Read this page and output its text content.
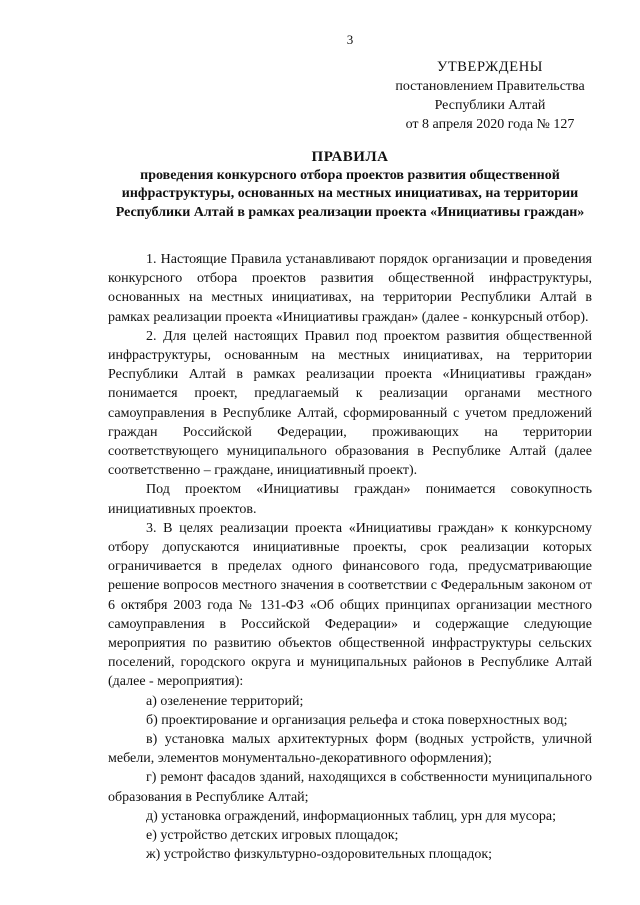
3
УТВЕРЖДЕНЫ
постановлением Правительства
Республики Алтай
от 8 апреля 2020 года № 127
ПРАВИЛА
проведения конкурсного отбора проектов развития общественной инфраструктуры, основанных на местных инициативах, на территории Республики Алтай в рамках реализации проекта «Инициативы граждан»

1. Настоящие Правила устанавливают порядок организации и проведения конкурсного отбора проектов развития общественной инфраструктуры, основанных на местных инициативах, на территории Республики Алтай в рамках реализации проекта «Инициативы граждан» (далее - конкурсный отбор).

2. Для целей настоящих Правил под проектом развития общественной инфраструктуры, основанным на местных инициативах, на территории Республики Алтай в рамках реализации проекта «Инициативы граждан» понимается проект, предлагаемый к реализации органами местного самоуправления в Республике Алтай, сформированный с учетом предложений граждан Российской Федерации, проживающих на территории соответствующего муниципального образования в Республике Алтай (далее соответственно – граждане, инициативный проект).

Под проектом «Инициативы граждан» понимается совокупность инициативных проектов.

3. В целях реализации проекта «Инициативы граждан» к конкурсному отбору допускаются инициативные проекты, срок реализации которых ограничивается в пределах одного финансового года, предусматривающие решение вопросов местного значения в соответствии с Федеральным законом от 6 октября 2003 года № 131-ФЗ «Об общих принципах организации местного самоуправления в Российской Федерации» и содержащие следующие мероприятия по развитию объектов общественной инфраструктуры сельских поселений, городского округа и муниципальных районов в Республике Алтай (далее - мероприятия):

а) озеленение территорий;

б) проектирование и организация рельефа и стока поверхностных вод;

в) установка малых архитектурных форм (водных устройств, уличной мебели, элементов монументально-декоративного оформления);

г) ремонт фасадов зданий, находящихся в собственности муниципального образования в Республике Алтай;

д) установка ограждений, информационных таблиц, урн для мусора;

е) устройство детских игровых площадок;

ж) устройство физкультурно-оздоровительных площадок;
